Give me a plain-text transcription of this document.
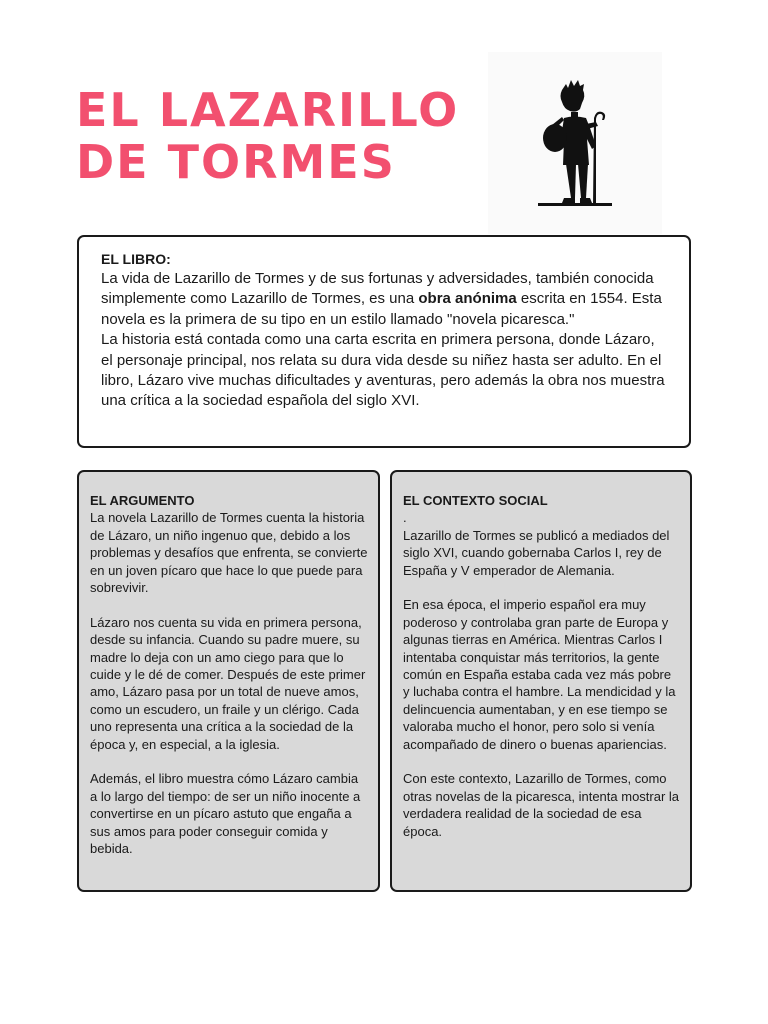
EL LAZARILLO
DE TORMES
EL LIBRO:

La vida de Lazarillo de Tormes y de sus fortunas y adversidades, también conocida simplemente como Lazarillo de Tormes, es una obra anónima escrita en 1554. Esta novela es la primera de su tipo en un estilo llamado "novela picaresca."

La historia está contada como una carta escrita en primera persona, donde Lázaro, el personaje principal, nos relata su dura vida desde su niñez hasta ser adulto. En el libro, Lázaro vive muchas dificultades y aventuras, pero además la obra nos muestra una crítica a la sociedad española del siglo XVI.

EL ARGUMENTO

La novela Lazarillo de Tormes cuenta la historia de Lázaro, un niño ingenuo que, debido a los problemas y desafíos que enfrenta, se convierte en un joven pícaro que hace lo que puede para sobrevivir.

Lázaro nos cuenta su vida en primera persona, desde su infancia. Cuando su padre muere, su madre lo deja con un amo ciego para que lo cuide y le dé de comer. Después de este primer amo, Lázaro pasa por un total de nueve amos, como un escudero, un fraile y un clérigo. Cada uno representa una crítica a la sociedad de la época y, en especial, a la iglesia.

Además, el libro muestra cómo Lázaro cambia a lo largo del tiempo: de ser un niño inocente a convertirse en un pícaro astuto que engaña a sus amos para poder conseguir comida y bebida.

EL CONTEXTO SOCIAL
.

Lazarillo de Tormes se publicó a mediados del siglo XVI, cuando gobernaba Carlos I, rey de España y V emperador de Alemania.

En esa época, el imperio español era muy poderoso y controlaba gran parte de Europa y algunas tierras en América. Mientras Carlos I intentaba conquistar más territorios, la gente común en España estaba cada vez más pobre y luchaba contra el hambre. La mendicidad y la delincuencia aumentaban, y en ese tiempo se valoraba mucho el honor, pero solo si venía acompañado de dinero o buenas apariencias.

Con este contexto, Lazarillo de Tormes, como otras novelas de la picaresca, intenta mostrar la verdadera realidad de la sociedad de esa época.
